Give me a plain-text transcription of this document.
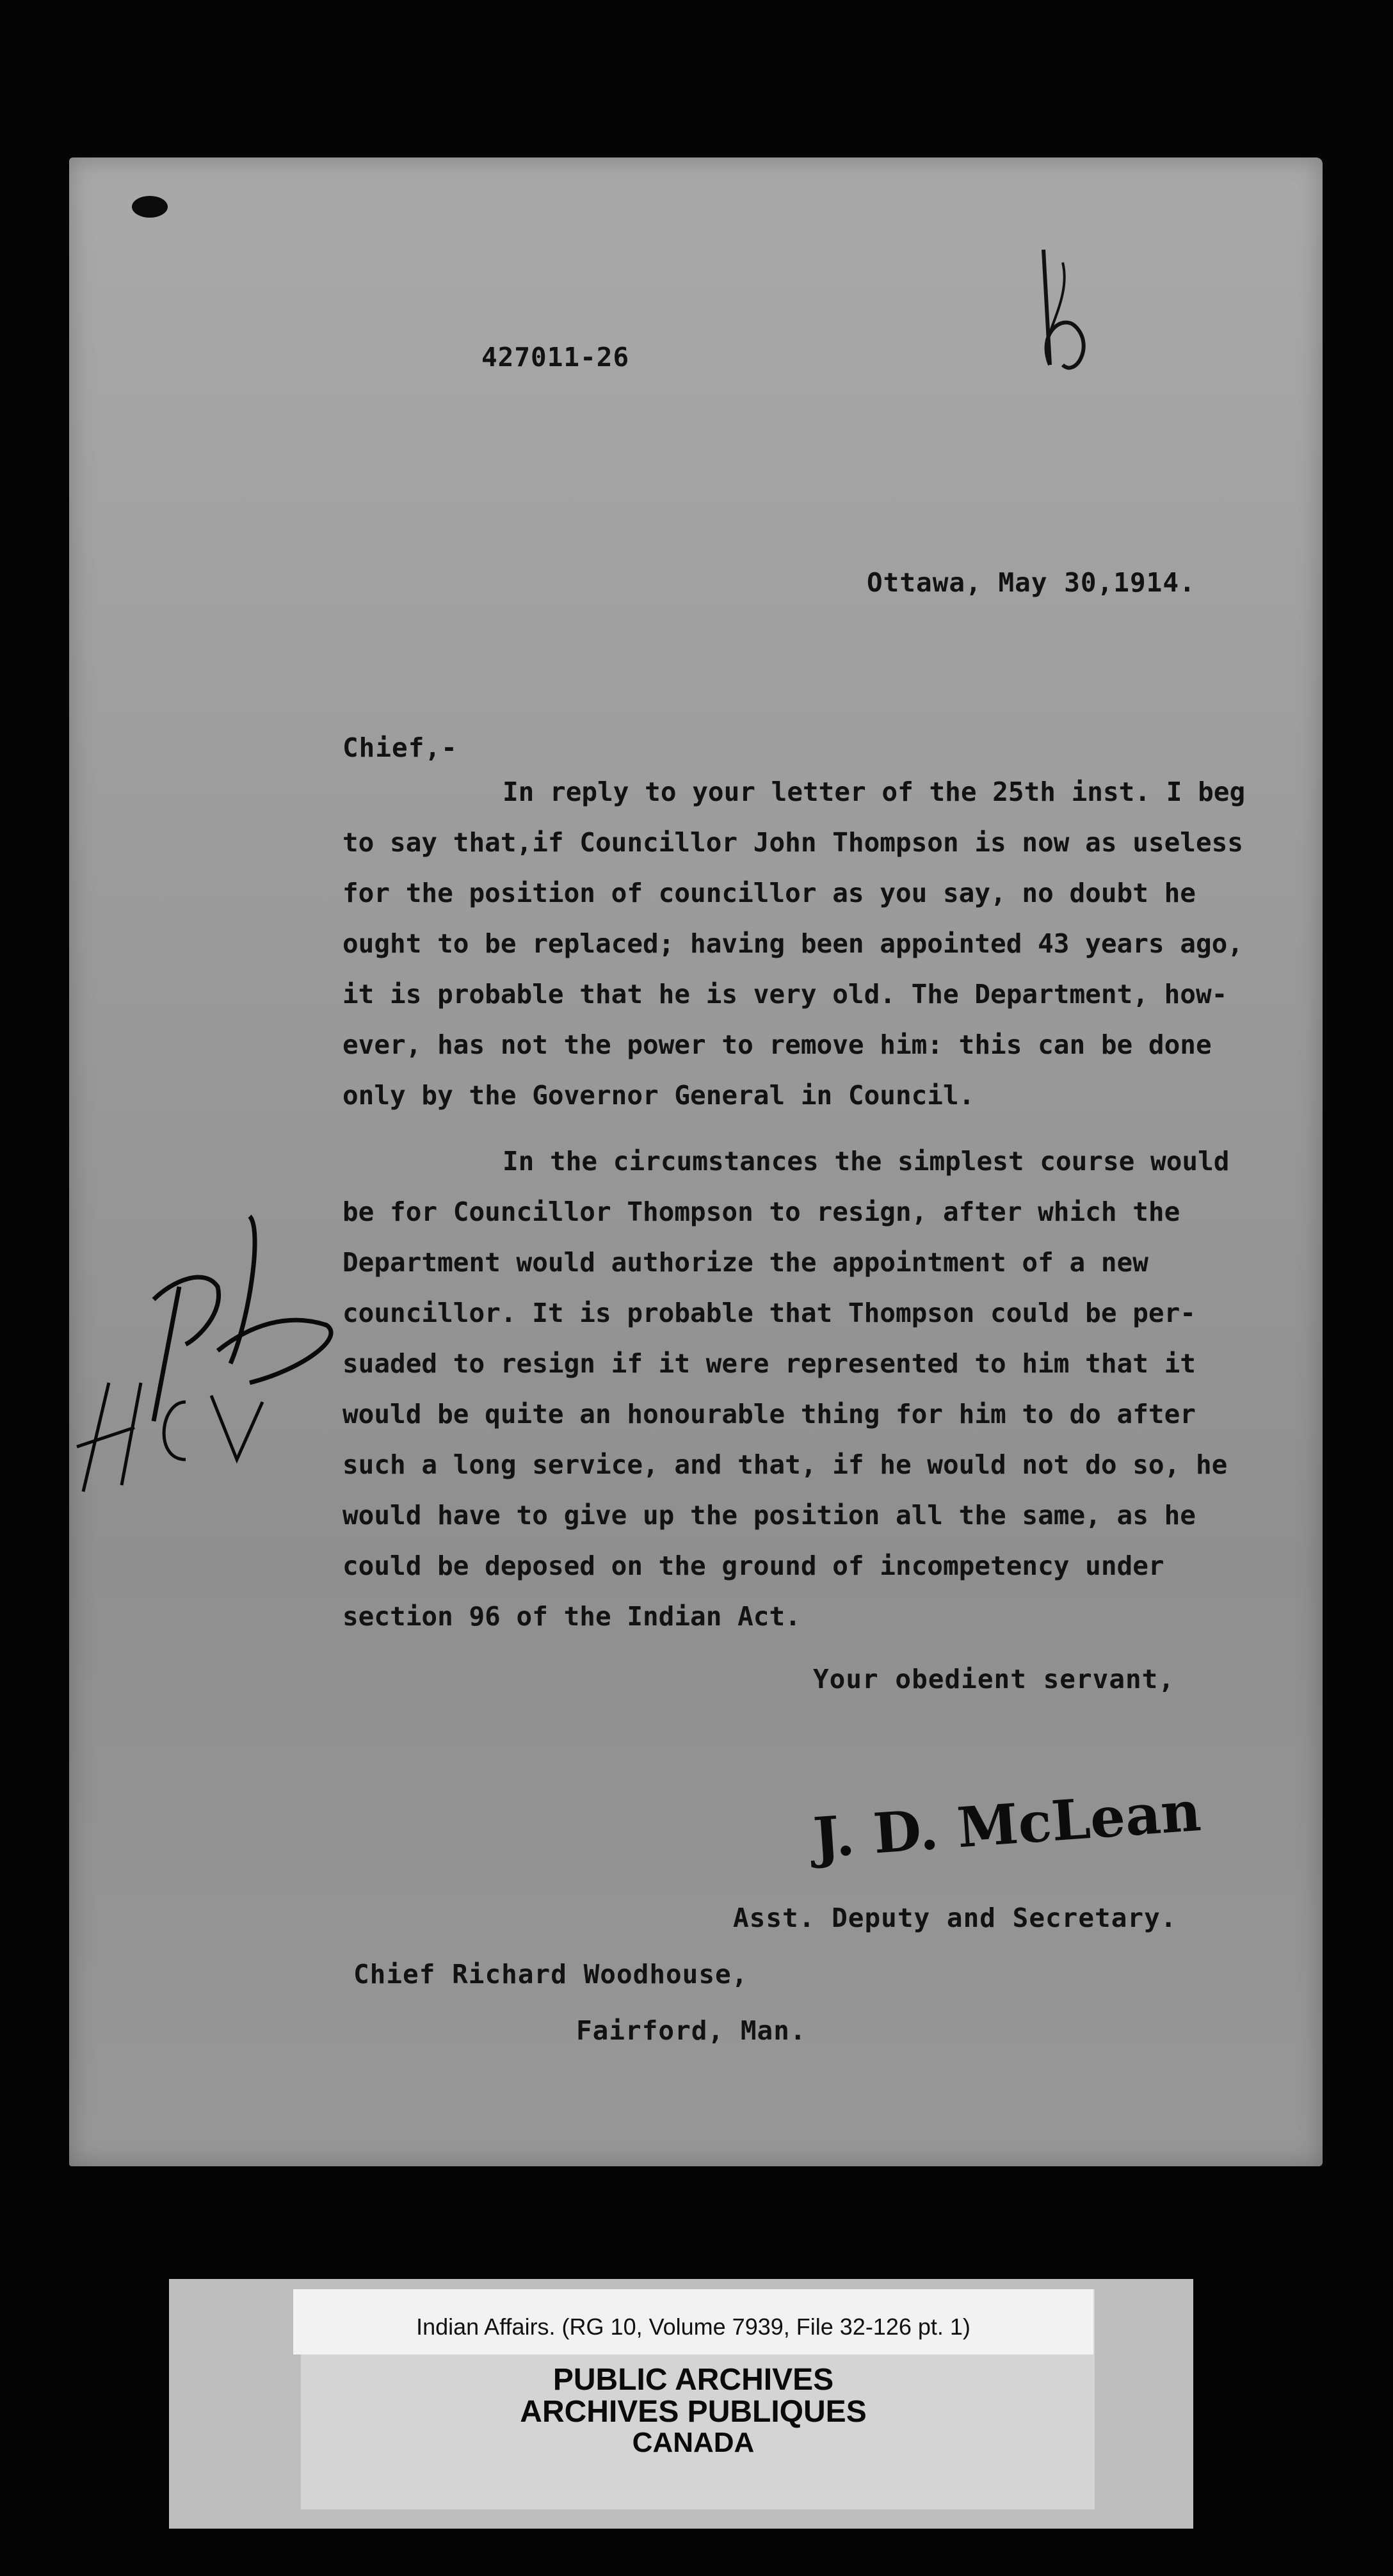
427011-26
Ottawa, May 30,1914.
Chief,-
In reply to your letter of the 25th inst. I beg
to say that,if Councillor John Thompson is now as useless
for the position of councillor as you say, no doubt he
ought to be replaced; having been appointed 43 years ago,
it is probable that he is very old. The Department, how-
ever, has not the power to remove him: this can be done
only by the Governor General in Council.
In the circumstances the simplest course would
be for Councillor Thompson to resign, after which the
Department would authorize the appointment of a new
councillor. It is probable that Thompson could be per-
suaded to resign if it were represented to him that it
would be quite an honourable thing for him to do after
such a long service, and that, if he would not do so, he
would have to give up the position all the same, as he
could be deposed on the ground of incompetency under
section 96 of the Indian Act.
Your obedient servant,
J. D. McLean
Asst. Deputy and Secretary.
Chief Richard Woodhouse,
Fairford, Man.
Indian Affairs. (RG 10, Volume 7939, File 32-126 pt. 1)
PUBLIC ARCHIVES
ARCHIVES PUBLIQUES
CANADA
